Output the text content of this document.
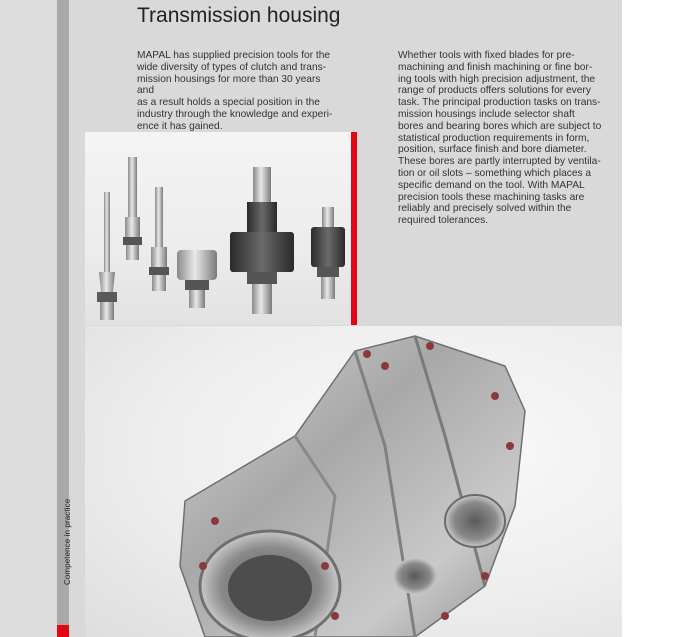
Competence in practice
Transmission housing

MAPAL has supplied precision tools for the
wide diversity of types of clutch and trans-
mission housings for more than 30 years and
as a result holds a special position in the
industry through the knowledge and experi-
ence it has gained.

Whether tools with fixed blades for pre-
machining and finish machining or fine bor-
ing tools with high precision adjustment, the
range of products offers solutions for every
task. The principal production tasks on trans-
mission housings include selector shaft
bores and bearing bores which are subject to
statistical production requirements in form,
position, surface finish and bore diameter.
These bores are partly interrupted by ventila-
tion or oil slots – something which places a
specific demand on the tool. With MAPAL
precision tools these machining tasks are
reliably and precisely solved within the
required tolerances.
